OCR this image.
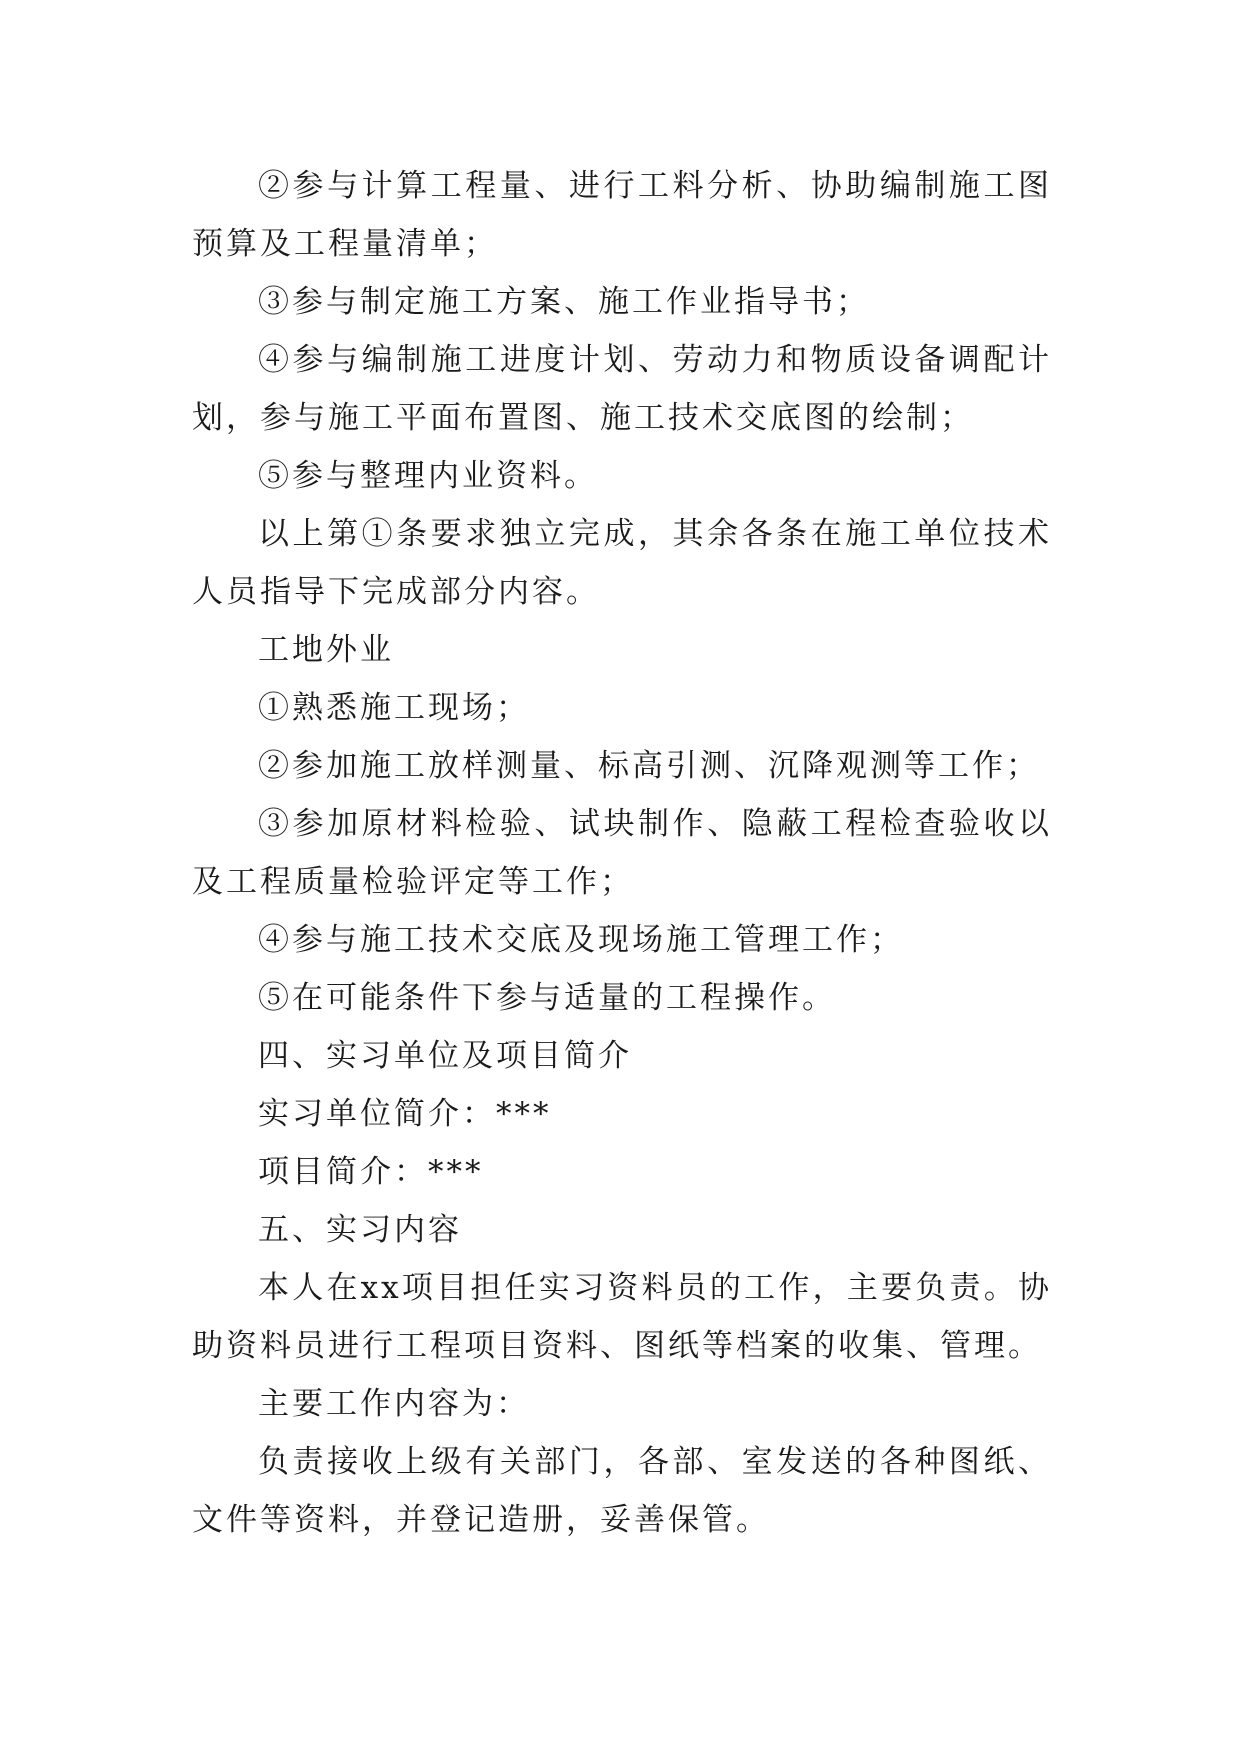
②参与计算工程量、进行工料分析、协助编制施工图预算及工程量清单；

③参与制定施工方案、施工作业指导书；

④参与编制施工进度计划、劳动力和物质设备调配计划，参与施工平面布置图、施工技术交底图的绘制；

⑤参与整理内业资料。

以上第①条要求独立完成，其余各条在施工单位技术人员指导下完成部分内容。

工地外业

①熟悉施工现场；

②参加施工放样测量、标高引测、沉降观测等工作；

③参加原材料检验、试块制作、隐蔽工程检查验收以及工程质量检验评定等工作；

④参与施工技术交底及现场施工管理工作；

⑤在可能条件下参与适量的工程操作。

四、实习单位及项目简介

实习单位简介：***

项目简介：***

五、实习内容

本人在xx项目担任实习资料员的工作，主要负责。协助资料员进行工程项目资料、图纸等档案的收集、管理。

主要工作内容为：

负责接收上级有关部门，各部、室发送的各种图纸、文件等资料，并登记造册，妥善保管。
